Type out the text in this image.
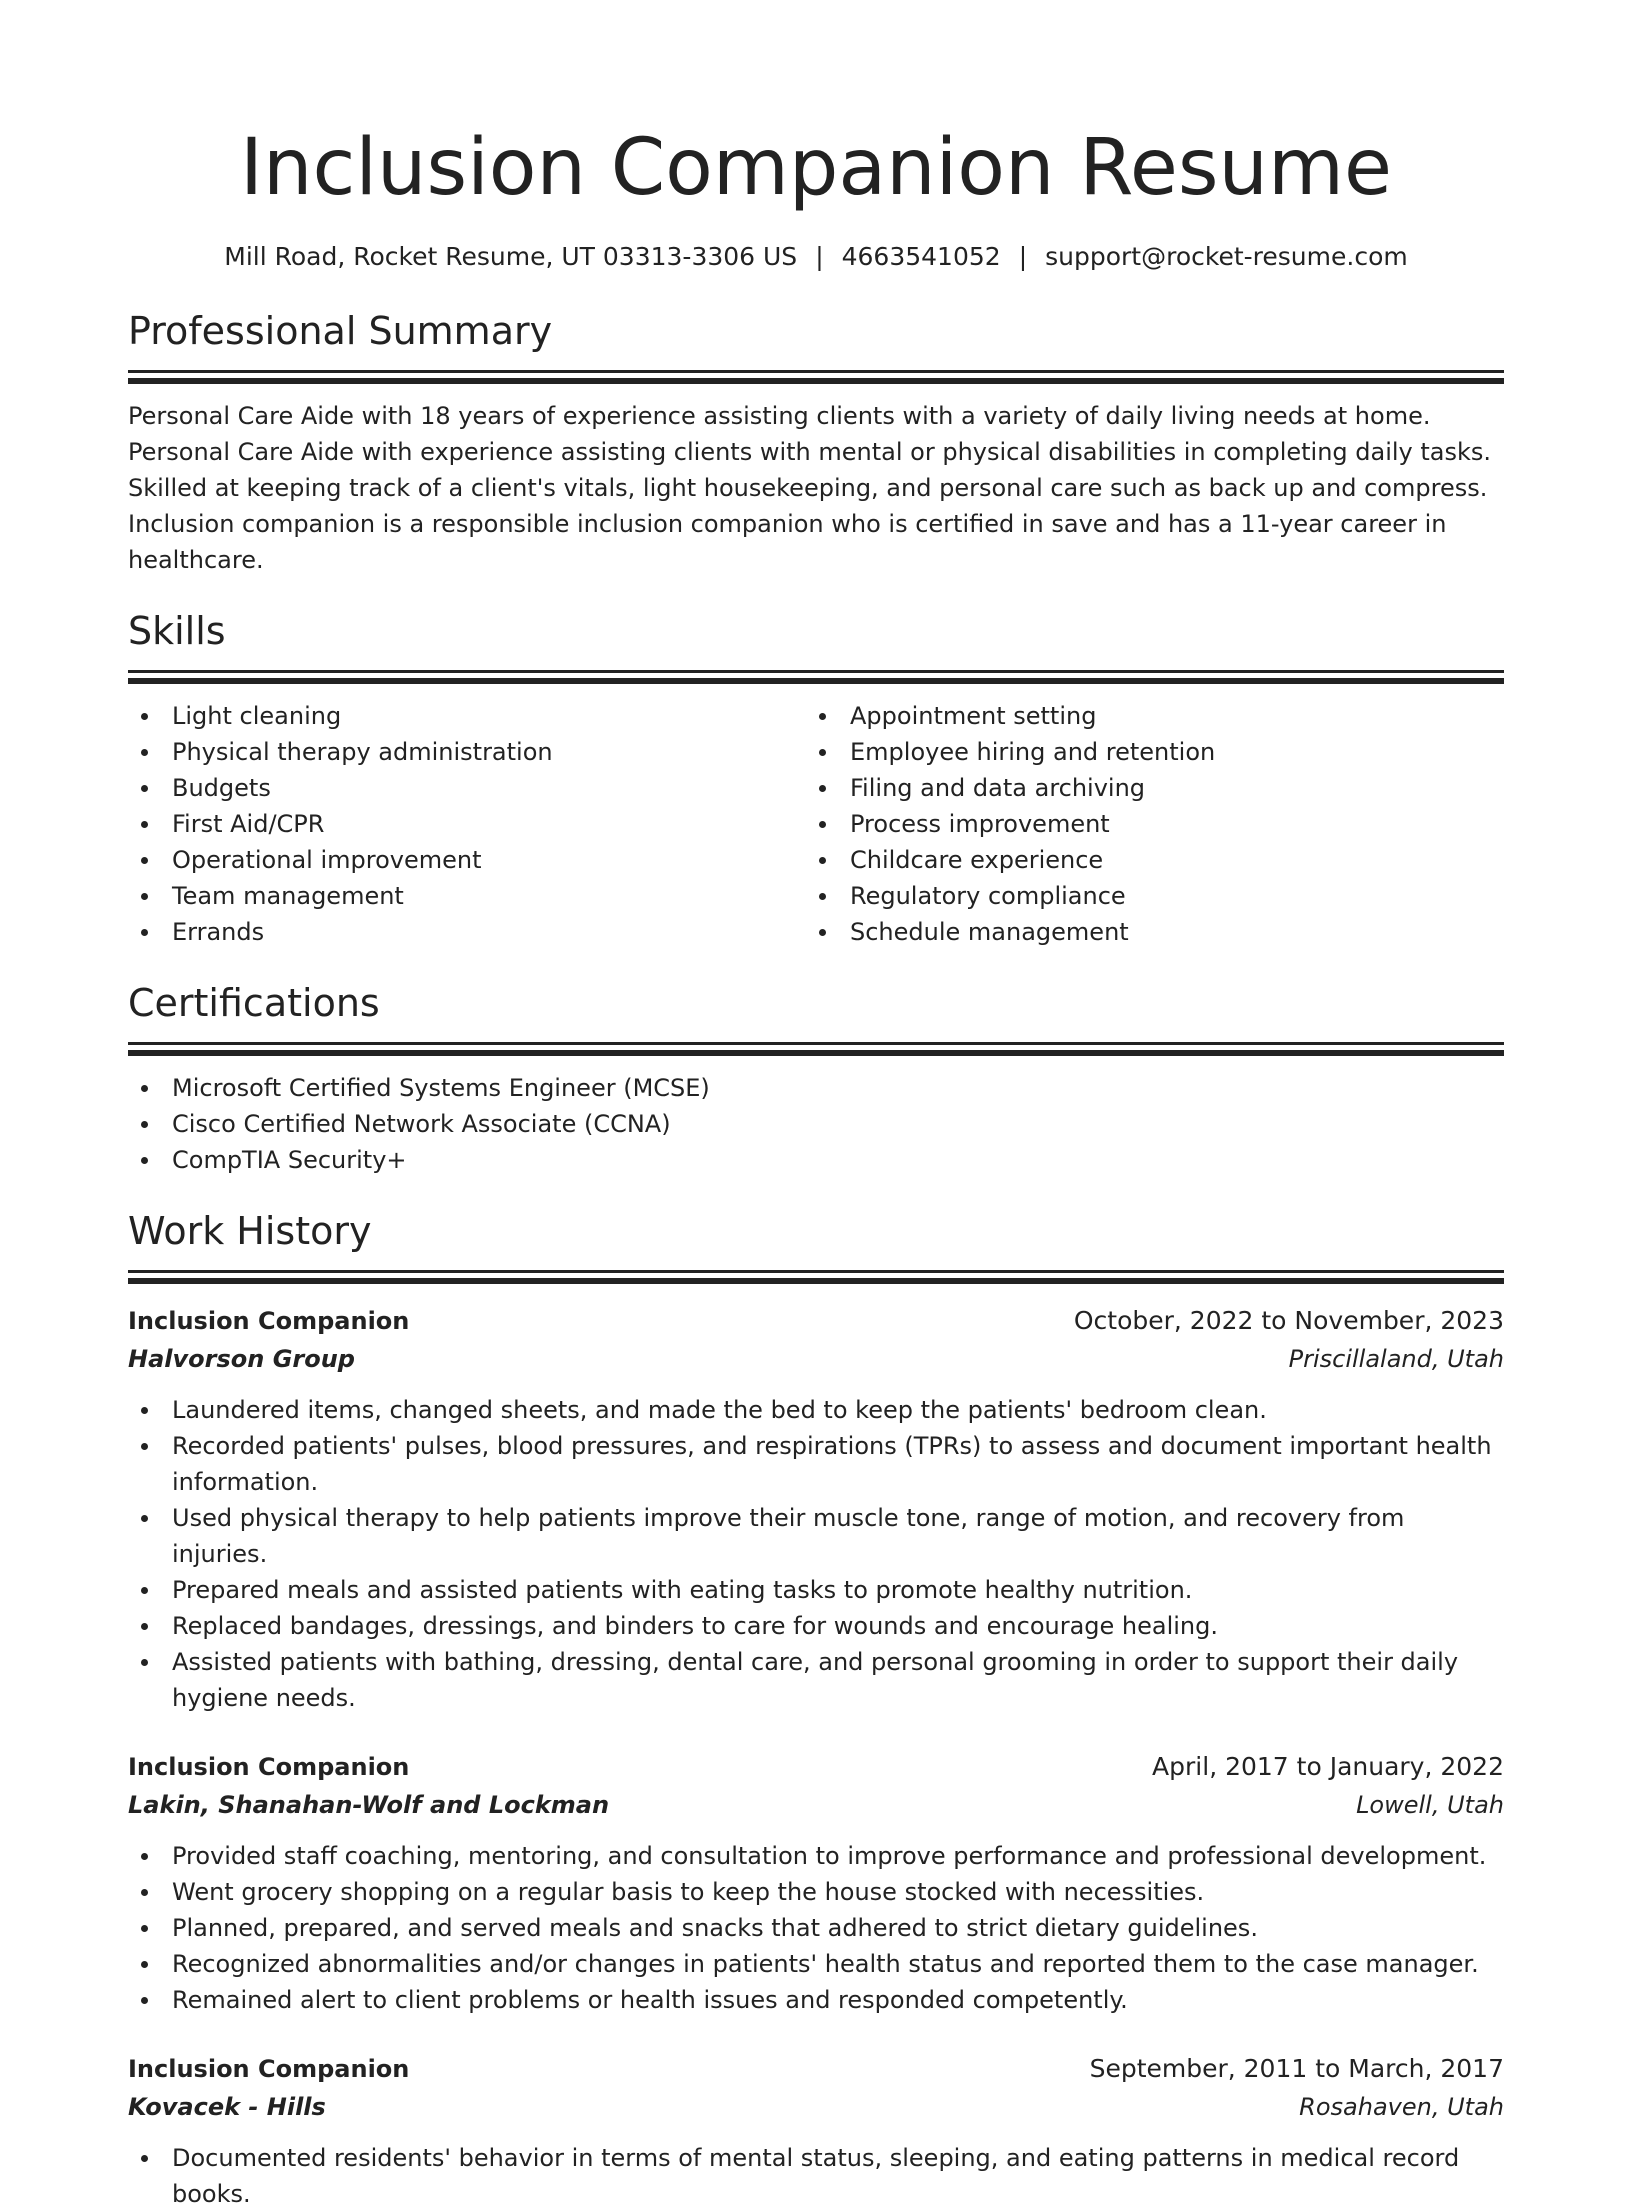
Inclusion Companion Resume
Mill Road, Rocket Resume, UT 03313-3306 US | 4663541052 | support@rocket-resume.com
Professional Summary

Personal Care Aide with 18 years of experience assisting clients with a variety of daily living needs at home. Personal Care Aide with experience assisting clients with mental or physical disabilities in completing daily tasks. Skilled at keeping track of a client's vitals, light housekeeping, and personal care such as back up and compress. Inclusion companion is a responsible inclusion companion who is certified in save and has a 11-year career in healthcare.

Skills
Light cleaning
Physical therapy administration
Budgets
First Aid/CPR
Operational improvement
Team management
Errands
Appointment setting
Employee hiring and retention
Filing and data archiving
Process improvement
Childcare experience
Regulatory compliance
Schedule management
Certifications
Microsoft Certified Systems Engineer (MCSE)
Cisco Certified Network Associate (CCNA)
CompTIA Security+
Work History
Inclusion Companion	October, 2022 to November, 2023
Halvorson Group	Priscillaland, Utah
Laundered items, changed sheets, and made the bed to keep the patients' bedroom clean.
Recorded patients' pulses, blood pressures, and respirations (TPRs) to assess and document important health information.
Used physical therapy to help patients improve their muscle tone, range of motion, and recovery from injuries.
Prepared meals and assisted patients with eating tasks to promote healthy nutrition.
Replaced bandages, dressings, and binders to care for wounds and encourage healing.
Assisted patients with bathing, dressing, dental care, and personal grooming in order to support their daily hygiene needs.
Inclusion Companion	April, 2017 to January, 2022
Lakin, Shanahan-Wolf and Lockman	Lowell, Utah
Provided staff coaching, mentoring, and consultation to improve performance and professional development.
Went grocery shopping on a regular basis to keep the house stocked with necessities.
Planned, prepared, and served meals and snacks that adhered to strict dietary guidelines.
Recognized abnormalities and/or changes in patients' health status and reported them to the case manager.
Remained alert to client problems or health issues and responded competently.
Inclusion Companion	September, 2011 to March, 2017
Kovacek - Hills	Rosahaven, Utah
Documented residents' behavior in terms of mental status, sleeping, and eating patterns in medical record books.
